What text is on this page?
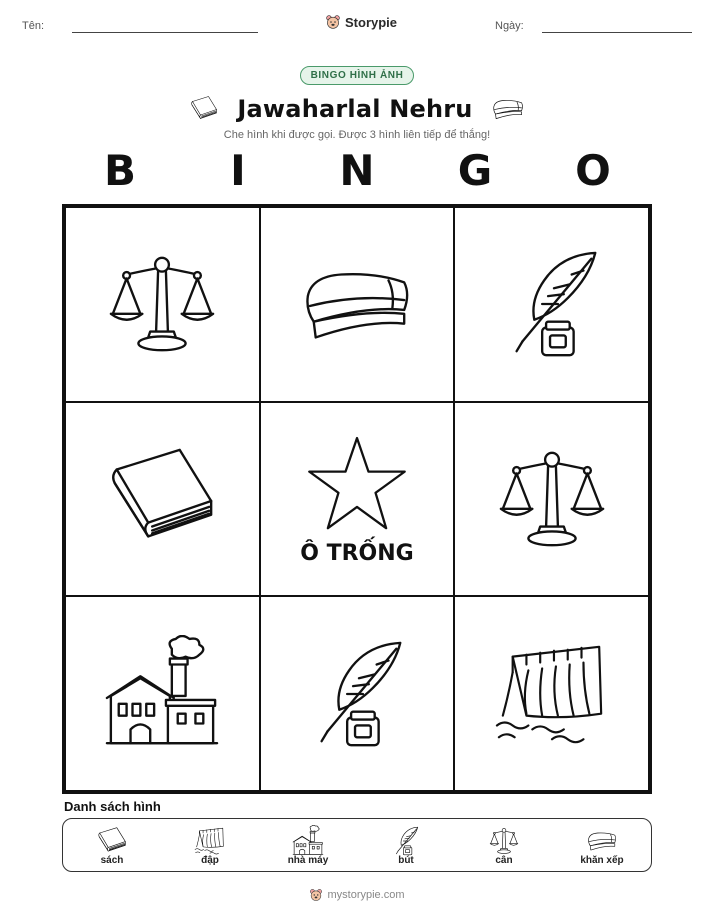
Tên:	Storypie	Ngày:
BINGO HÌNH ẢNH
Jawaharlal Nehru
Che hình khi được gọi. Được 3 hình liên tiếp để thắng!
B	I	N	G	O
Ô TRỐNG
Danh sách hình
sách	đập	nhà máy	bút	cân	khăn xếp
mystorypie.com
